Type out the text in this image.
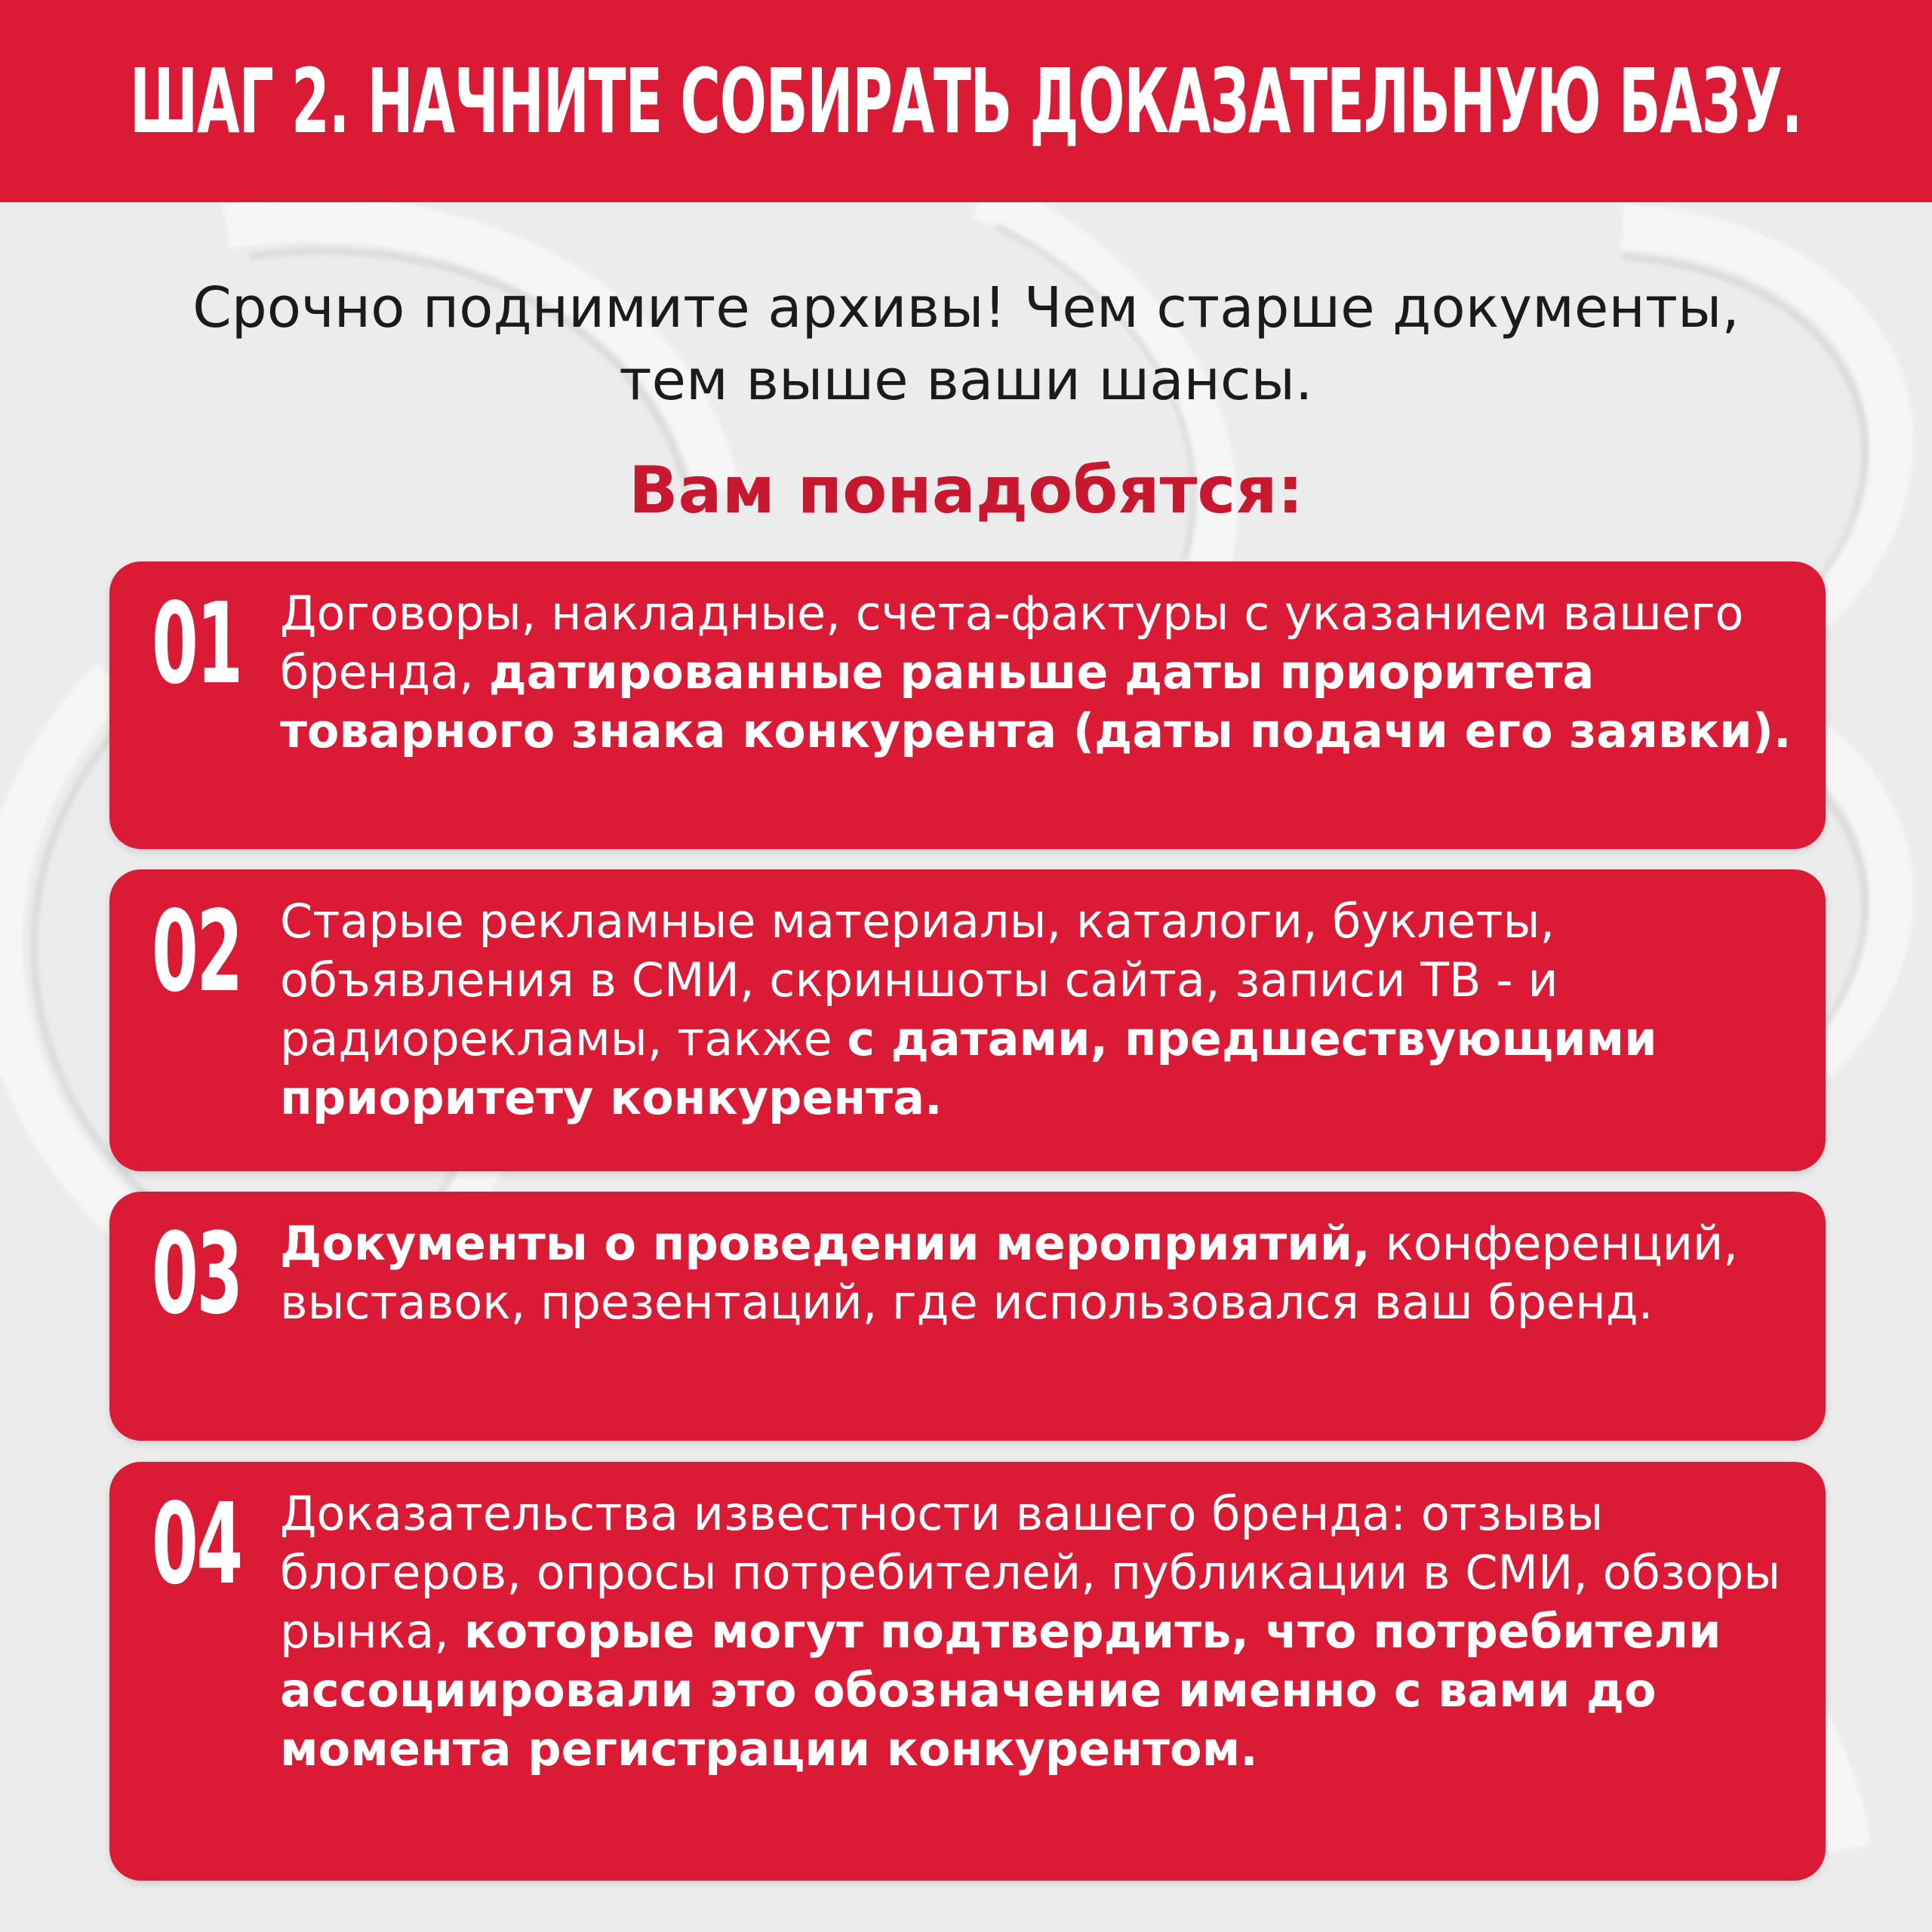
ШАГ 2. НАЧНИТЕ СОБИРАТЬ ДОКАЗАТЕЛЬНУЮ БАЗУ.
Срочно поднимите архивы! Чем старше документы,
тем выше ваши шансы.
Вам понадобятся:
01 Договоры, накладные, счета-фактуры с указанием вашего бренда, датированные раньше даты приоритета товарного знака конкурента (даты подачи его заявки).
02 Старые рекламные материалы, каталоги, буклеты, объявления в СМИ, скриншоты сайта, записи ТВ - и радиорекламы, также с датами, предшествующими приоритету конкурента.
03 Документы о проведении мероприятий, конференций, выставок, презентаций, где использовался ваш бренд.
04 Доказательства известности вашего бренда: отзывы блогеров, опросы потребителей, публикации в СМИ, обзоры рынка, которые могут подтвердить, что потребители ассоциировали это обозначение именно с вами до момента регистрации конкурентом.
